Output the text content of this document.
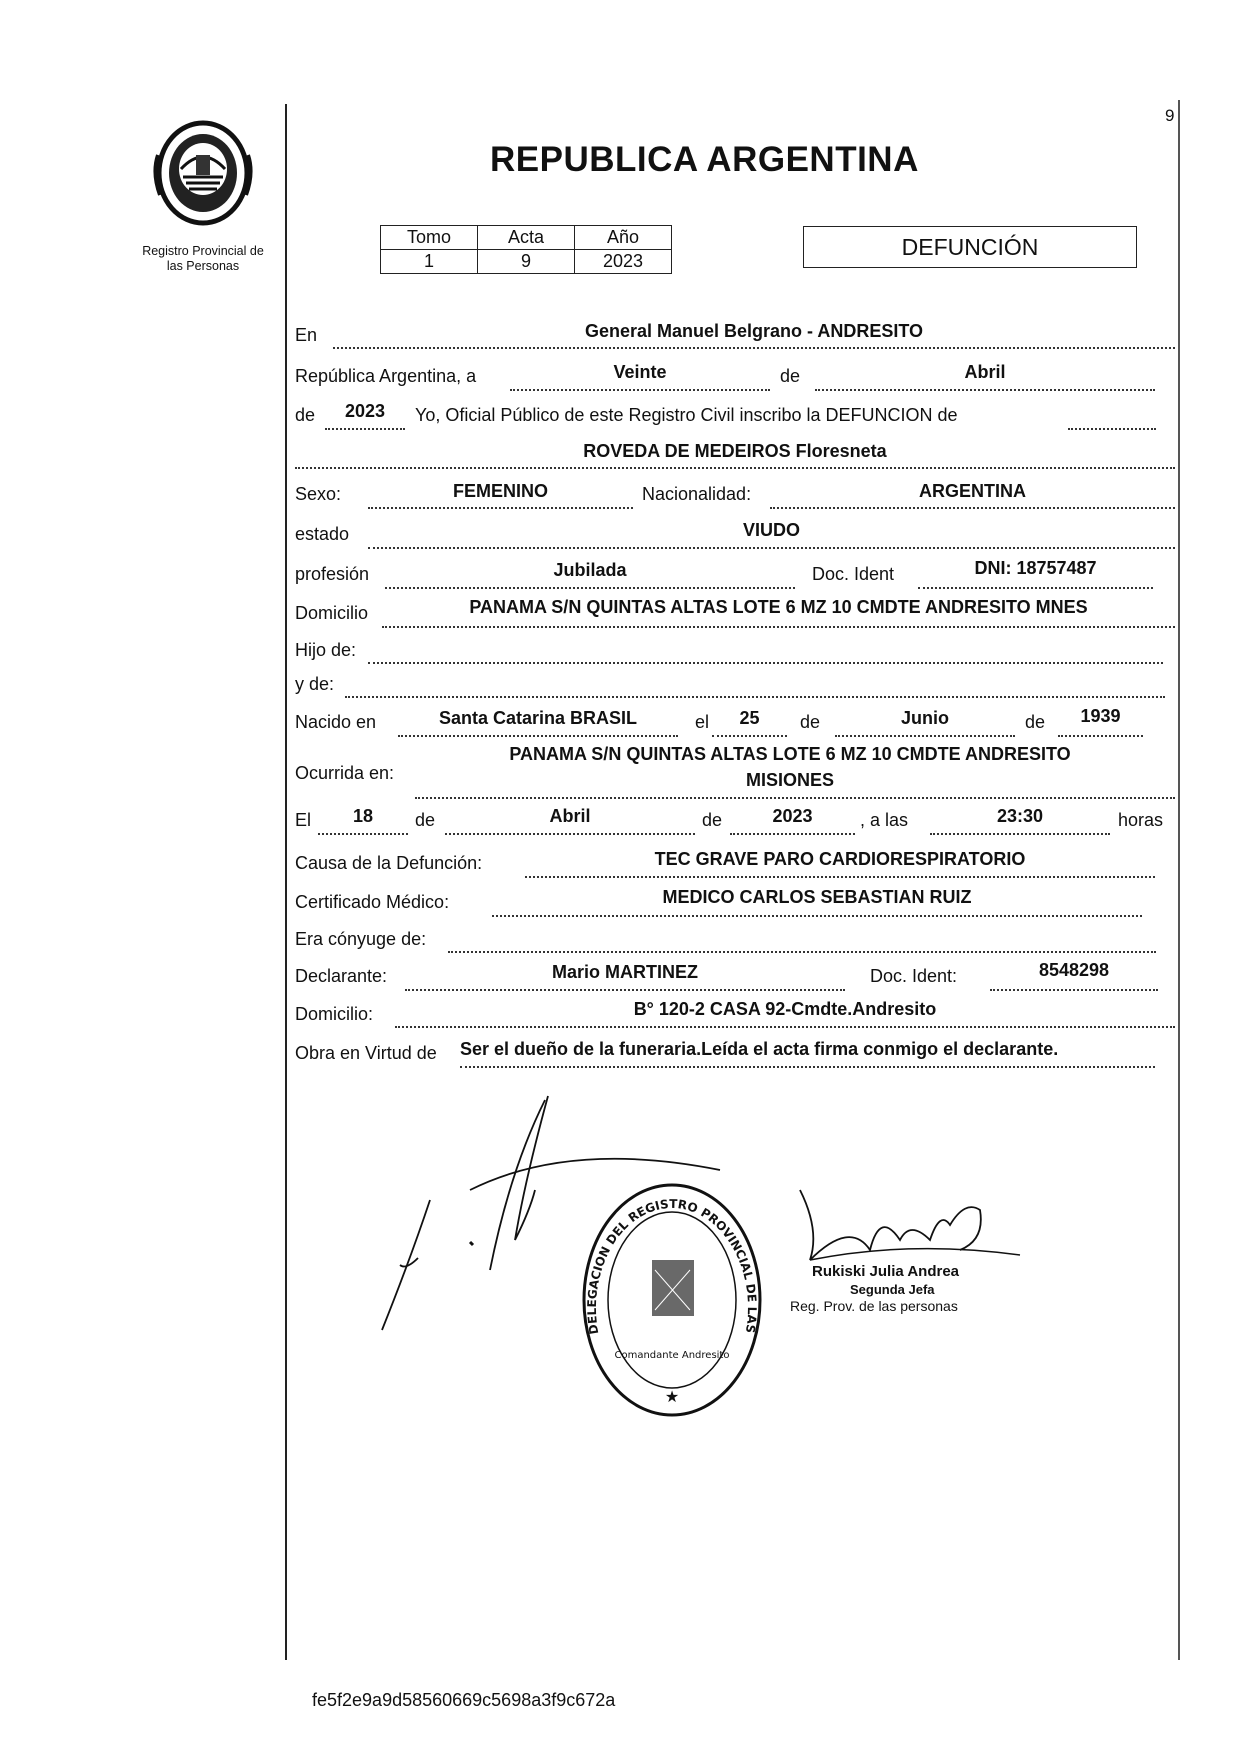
Registro Provincial de
las Personas
9
REPUBLICA ARGENTINA
Tomo	Acta	Año
1	9	2023
DEFUNCIÓN
En	General Manuel Belgrano - ANDRESITO
República Argentina, a	Veinte	de	Abril
de	2023	Yo, Oficial Público de este Registro Civil inscribo la DEFUNCION de
ROVEDA DE MEDEIROS Floresneta
Sexo:	FEMENINO	Nacionalidad:	ARGENTINA
estado	VIUDO
profesión	Jubilada	Doc. Ident	DNI: 18757487
Domicilio	PANAMA S/N QUINTAS ALTAS LOTE 6 MZ 10 CMDTE ANDRESITO MNES
Hijo de:
y de:
Nacido en	Santa Catarina BRASIL	el	25	de	Junio	de	1939
Ocurrida en:
PANAMA S/N QUINTAS ALTAS LOTE 6 MZ 10 CMDTE ANDRESITO
MISIONES
El	18	de	Abril	de	2023	, a las	23:30	horas
Causa de la Defunción:	TEC GRAVE PARO CARDIORESPIRATORIO
Certificado Médico:	MEDICO CARLOS SEBASTIAN RUIZ
Era cónyuge de:
Declarante:	Mario MARTINEZ	Doc. Ident:	8548298
Domicilio:	B° 120-2 CASA 92-Cmdte.Andresito
Obra en Virtud de Ser el dueño de la funeraria.Leída el acta firma conmigo el declarante.
DELEGACION DEL REGISTRO PROVINCIAL DE LAS
Comandante Andresito
★
Rukiski Julia Andrea
Segunda Jefa
Reg. Prov. de las personas
fe5f2e9a9d58560669c5698a3f9c672a
